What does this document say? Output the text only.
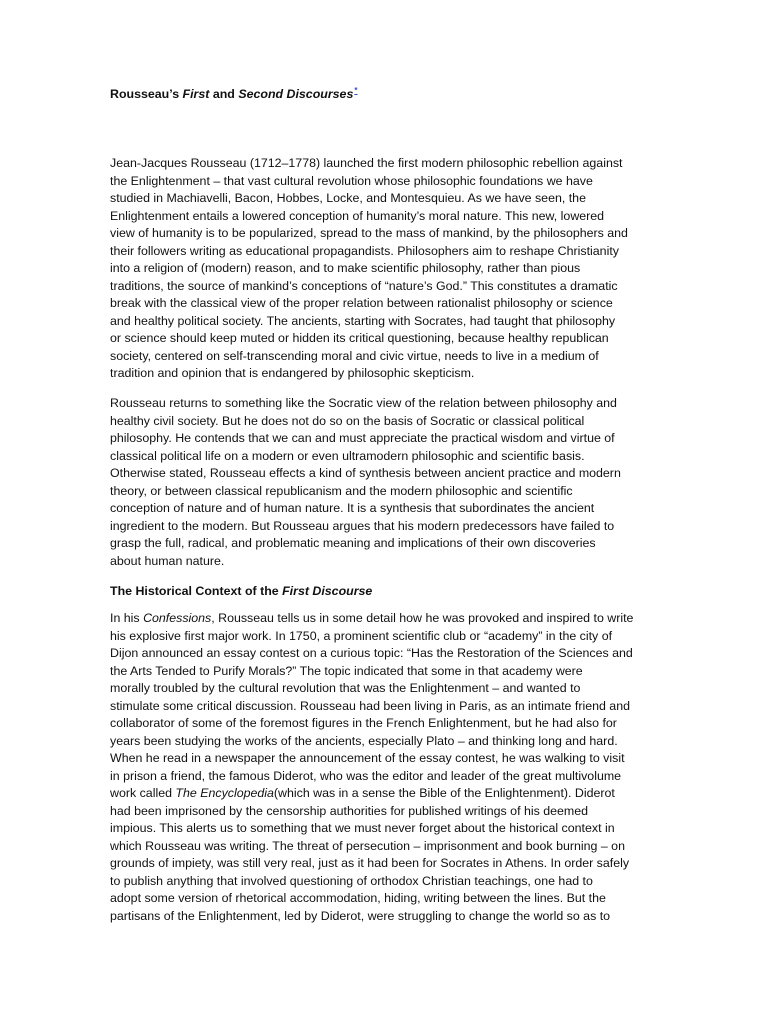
Rousseau’s First and Second Discourses*

Jean-Jacques Rousseau (1712–1778) launched the first modern philosophic rebellion against
the Enlightenment – that vast cultural revolution whose philosophic foundations we have
studied in Machiavelli, Bacon, Hobbes, Locke, and Montesquieu. As we have seen, the
Enlightenment entails a lowered conception of humanity’s moral nature. This new, lowered
view of humanity is to be popularized, spread to the mass of mankind, by the philosophers and
their followers writing as educational propagandists. Philosophers aim to reshape Christianity
into a religion of (modern) reason, and to make scientific philosophy, rather than pious
traditions, the source of mankind’s conceptions of “nature’s God.” This constitutes a dramatic
break with the classical view of the proper relation between rationalist philosophy or science
and healthy political society. The ancients, starting with Socrates, had taught that philosophy
or science should keep muted or hidden its critical questioning, because healthy republican
society, centered on self-transcending moral and civic virtue, needs to live in a medium of
tradition and opinion that is endangered by philosophic skepticism.
Rousseau returns to something like the Socratic view of the relation between philosophy and
healthy civil society. But he does not do so on the basis of Socratic or classical political
philosophy. He contends that we can and must appreciate the practical wisdom and virtue of
classical political life on a modern or even ultramodern philosophic and scientific basis.
Otherwise stated, Rousseau effects a kind of synthesis between ancient practice and modern
theory, or between classical republicanism and the modern philosophic and scientific
conception of nature and of human nature. It is a synthesis that subordinates the ancient
ingredient to the modern. But Rousseau argues that his modern predecessors have failed to
grasp the full, radical, and problematic meaning and implications of their own discoveries
about human nature.
The Historical Context of the First Discourse
In his Confessions, Rousseau tells us in some detail how he was provoked and inspired to write
his explosive first major work. In 1750, a prominent scientific club or “academy” in the city of
Dijon announced an essay contest on a curious topic: “Has the Restoration of the Sciences and
the Arts Tended to Purify Morals?” The topic indicated that some in that academy were
morally troubled by the cultural revolution that was the Enlightenment – and wanted to
stimulate some critical discussion. Rousseau had been living in Paris, as an intimate friend and
collaborator of some of the foremost figures in the French Enlightenment, but he had also for
years been studying the works of the ancients, especially Plato – and thinking long and hard.
When he read in a newspaper the announcement of the essay contest, he was walking to visit
in prison a friend, the famous Diderot, who was the editor and leader of the great multivolume
work called The Encyclopedia(which was in a sense the Bible of the Enlightenment). Diderot
had been imprisoned by the censorship authorities for published writings of his deemed
impious. This alerts us to something that we must never forget about the historical context in
which Rousseau was writing. The threat of persecution – imprisonment and book burning – on
grounds of impiety, was still very real, just as it had been for Socrates in Athens. In order safely
to publish anything that involved questioning of orthodox Christian teachings, one had to
adopt some version of rhetorical accommodation, hiding, writing between the lines. But the
partisans of the Enlightenment, led by Diderot, were struggling to change the world so as to
